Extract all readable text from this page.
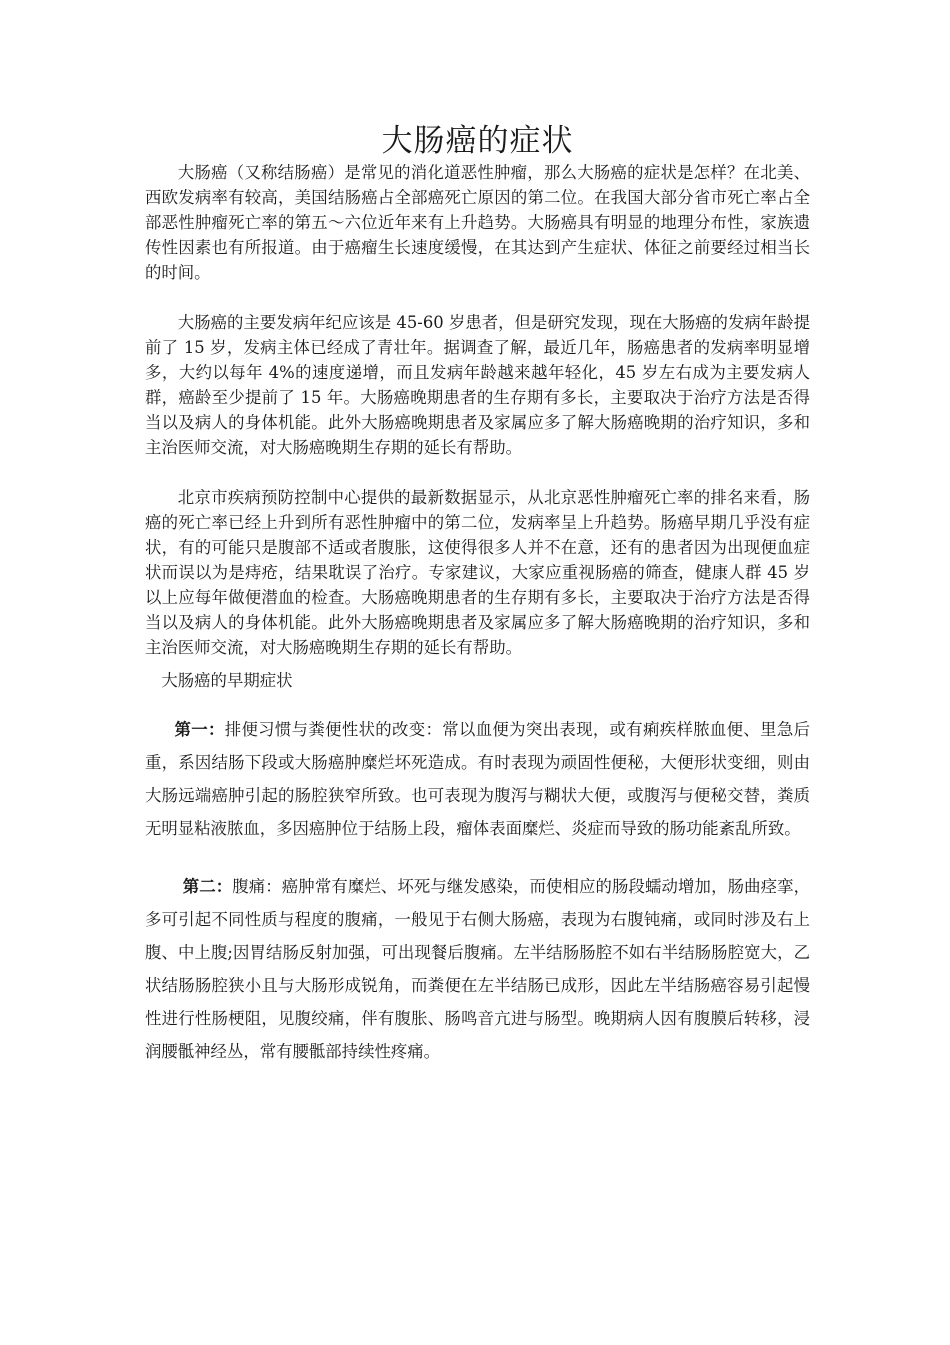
大肠癌的症状

大肠癌（又称结肠癌）是常见的消化道恶性肿瘤，那么大肠癌的症状是怎样？在北美、西欧发病率有较高，美国结肠癌占全部癌死亡原因的第二位。在我国大部分省市死亡率占全部恶性肿瘤死亡率的第五～六位近年来有上升趋势。大肠癌具有明显的地理分布性，家族遗传性因素也有所报道。由于癌瘤生长速度缓慢，在其达到产生症状、体征之前要经过相当长的时间。

大肠癌的主要发病年纪应该是 45-60 岁患者，但是研究发现，现在大肠癌的发病年龄提前了 15 岁，发病主体已经成了青壮年。据调查了解，最近几年，肠癌患者的发病率明显增多，大约以每年 4%的速度递增，而且发病年龄越来越年轻化，45 岁左右成为主要发病人群，癌龄至少提前了 15 年。大肠癌晚期患者的生存期有多长，主要取决于治疗方法是否得当以及病人的身体机能。此外大肠癌晚期患者及家属应多了解大肠癌晚期的治疗知识，多和主治医师交流，对大肠癌晚期生存期的延长有帮助。

北京市疾病预防控制中心提供的最新数据显示，从北京恶性肿瘤死亡率的排名来看，肠癌的死亡率已经上升到所有恶性肿瘤中的第二位，发病率呈上升趋势。肠癌早期几乎没有症状，有的可能只是腹部不适或者腹胀，这使得很多人并不在意，还有的患者因为出现便血症状而误以为是痔疮，结果耽误了治疗。专家建议，大家应重视肠癌的筛查，健康人群 45 岁以上应每年做便潜血的检查。大肠癌晚期患者的生存期有多长，主要取决于治疗方法是否得当以及病人的身体机能。此外大肠癌晚期患者及家属应多了解大肠癌晚期的治疗知识，多和主治医师交流，对大肠癌晚期生存期的延长有帮助。

大肠癌的早期症状

第一：排便习惯与粪便性状的改变：常以血便为突出表现，或有痢疾样脓血便、里急后重，系因结肠下段或大肠癌肿糜烂坏死造成。有时表现为顽固性便秘，大便形状变细，则由大肠远端癌肿引起的肠腔狭窄所致。也可表现为腹泻与糊状大便，或腹泻与便秘交替，粪质无明显粘液脓血，多因癌肿位于结肠上段，瘤体表面糜烂、炎症而导致的肠功能紊乱所致。

第二：腹痛：癌肿常有糜烂、坏死与继发感染，而使相应的肠段蠕动增加，肠曲痉挛，多可引起不同性质与程度的腹痛，一般见于右侧大肠癌，表现为右腹钝痛，或同时涉及右上腹、中上腹;因胃结肠反射加强，可出现餐后腹痛。左半结肠肠腔不如右半结肠肠腔宽大，乙状结肠肠腔狭小且与大肠形成锐角，而粪便在左半结肠已成形，因此左半结肠癌容易引起慢性进行性肠梗阻，见腹绞痛，伴有腹胀、肠鸣音亢进与肠型。晚期病人因有腹膜后转移，浸润腰骶神经丛，常有腰骶部持续性疼痛。
